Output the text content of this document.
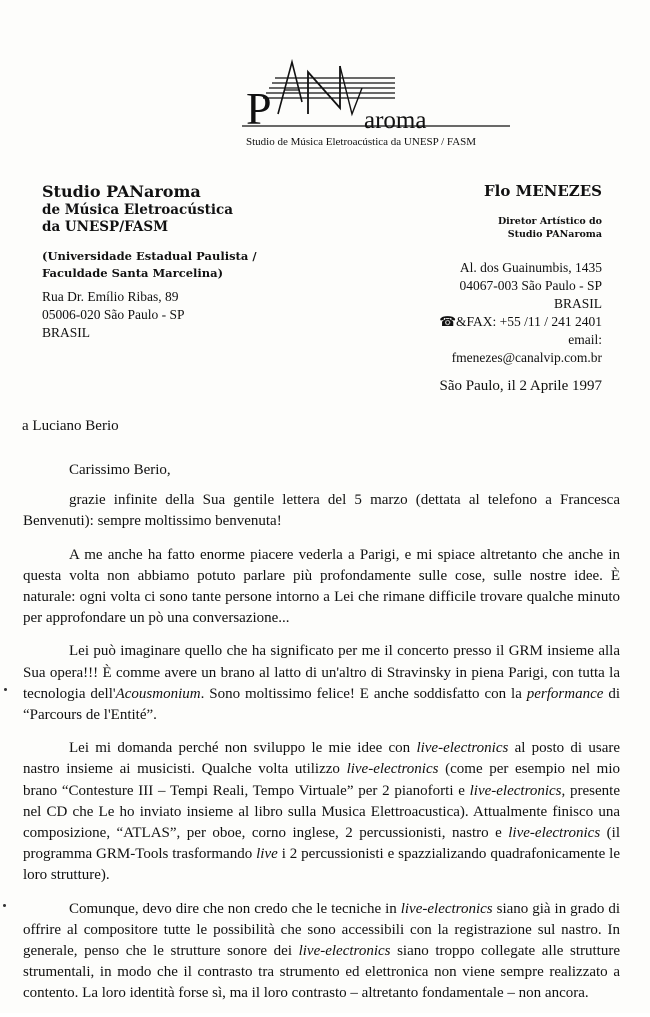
P	aroma
Studio de Música Eletroacústica da UNESP / FASM
Studio PANaroma
de Música Eletroacústica
da UNESP/FASM
(Universidade Estadual Paulista /
Faculdade Santa Marcelina)
Rua Dr. Emílio Ribas, 89
05006-020 São Paulo - SP
BRASIL
Flo MENEZES
Diretor Artístico do
Studio PANaroma
Al. dos Guainumbis, 1435
04067-003 São Paulo - SP
BRASIL
☎&FAX: +55 /11 / 241 2401
email:
fmenezes@canalvip.com.br
São Paulo, il 2 Aprile 1997
a Luciano Berio
Carissimo Berio,

grazie infinite della Sua gentile lettera del 5 marzo (dettata al telefono a Francesca Benvenuti): sempre moltissimo benvenuta!

A me anche ha fatto enorme piacere vederla a Parigi, e mi spiace altretanto che anche in questa volta non abbiamo potuto parlare più profondamente sulle cose, sulle nostre idee. È naturale: ogni volta ci sono tante persone intorno a Lei che rimane difficile trovare qualche minuto per approfondare un pò una conversazione...

Lei può imaginare quello che ha significato per me il concerto presso il GRM insieme alla Sua opera!!! È comme avere un brano al latto di un'altro di Stravinsky in piena Parigi, con tutta la tecnologia dell'Acousmonium. Sono moltissimo felice! E anche soddisfatto con la performance di “Parcours de l'Entité”.

Lei mi domanda perché non sviluppo le mie idee con live-electronics al posto di usare nastro insieme ai musicisti. Qualche volta utilizzo live-electronics (come per esempio nel mio brano “Contesture III – Tempi Reali, Tempo Virtuale” per 2 pianoforti e live-electronics, presente nel CD che Le ho inviato insieme al libro sulla Musica Elettroacustica). Attualmente finisco una composizione, “ATLAS”, per oboe, corno inglese, 2 percussionisti, nastro e live-electronics (il programma GRM-Tools trasformando live i 2 percussionisti e spazzializando quadrafonicamente le loro strutture).

Comunque, devo dire che non credo che le tecniche in live-electronics siano già in grado di offrire al compositore tutte le possibilità che sono accessibili con la registrazione sul nastro. In generale, penso che le strutture sonore dei live-electronics siano troppo collegate alle strutture strumentali, in modo che il contrasto tra strumento ed elettronica non viene sempre realizzato a contento. La loro identità forse sì, ma il loro contrasto – altretanto fondamentale – non ancora.
